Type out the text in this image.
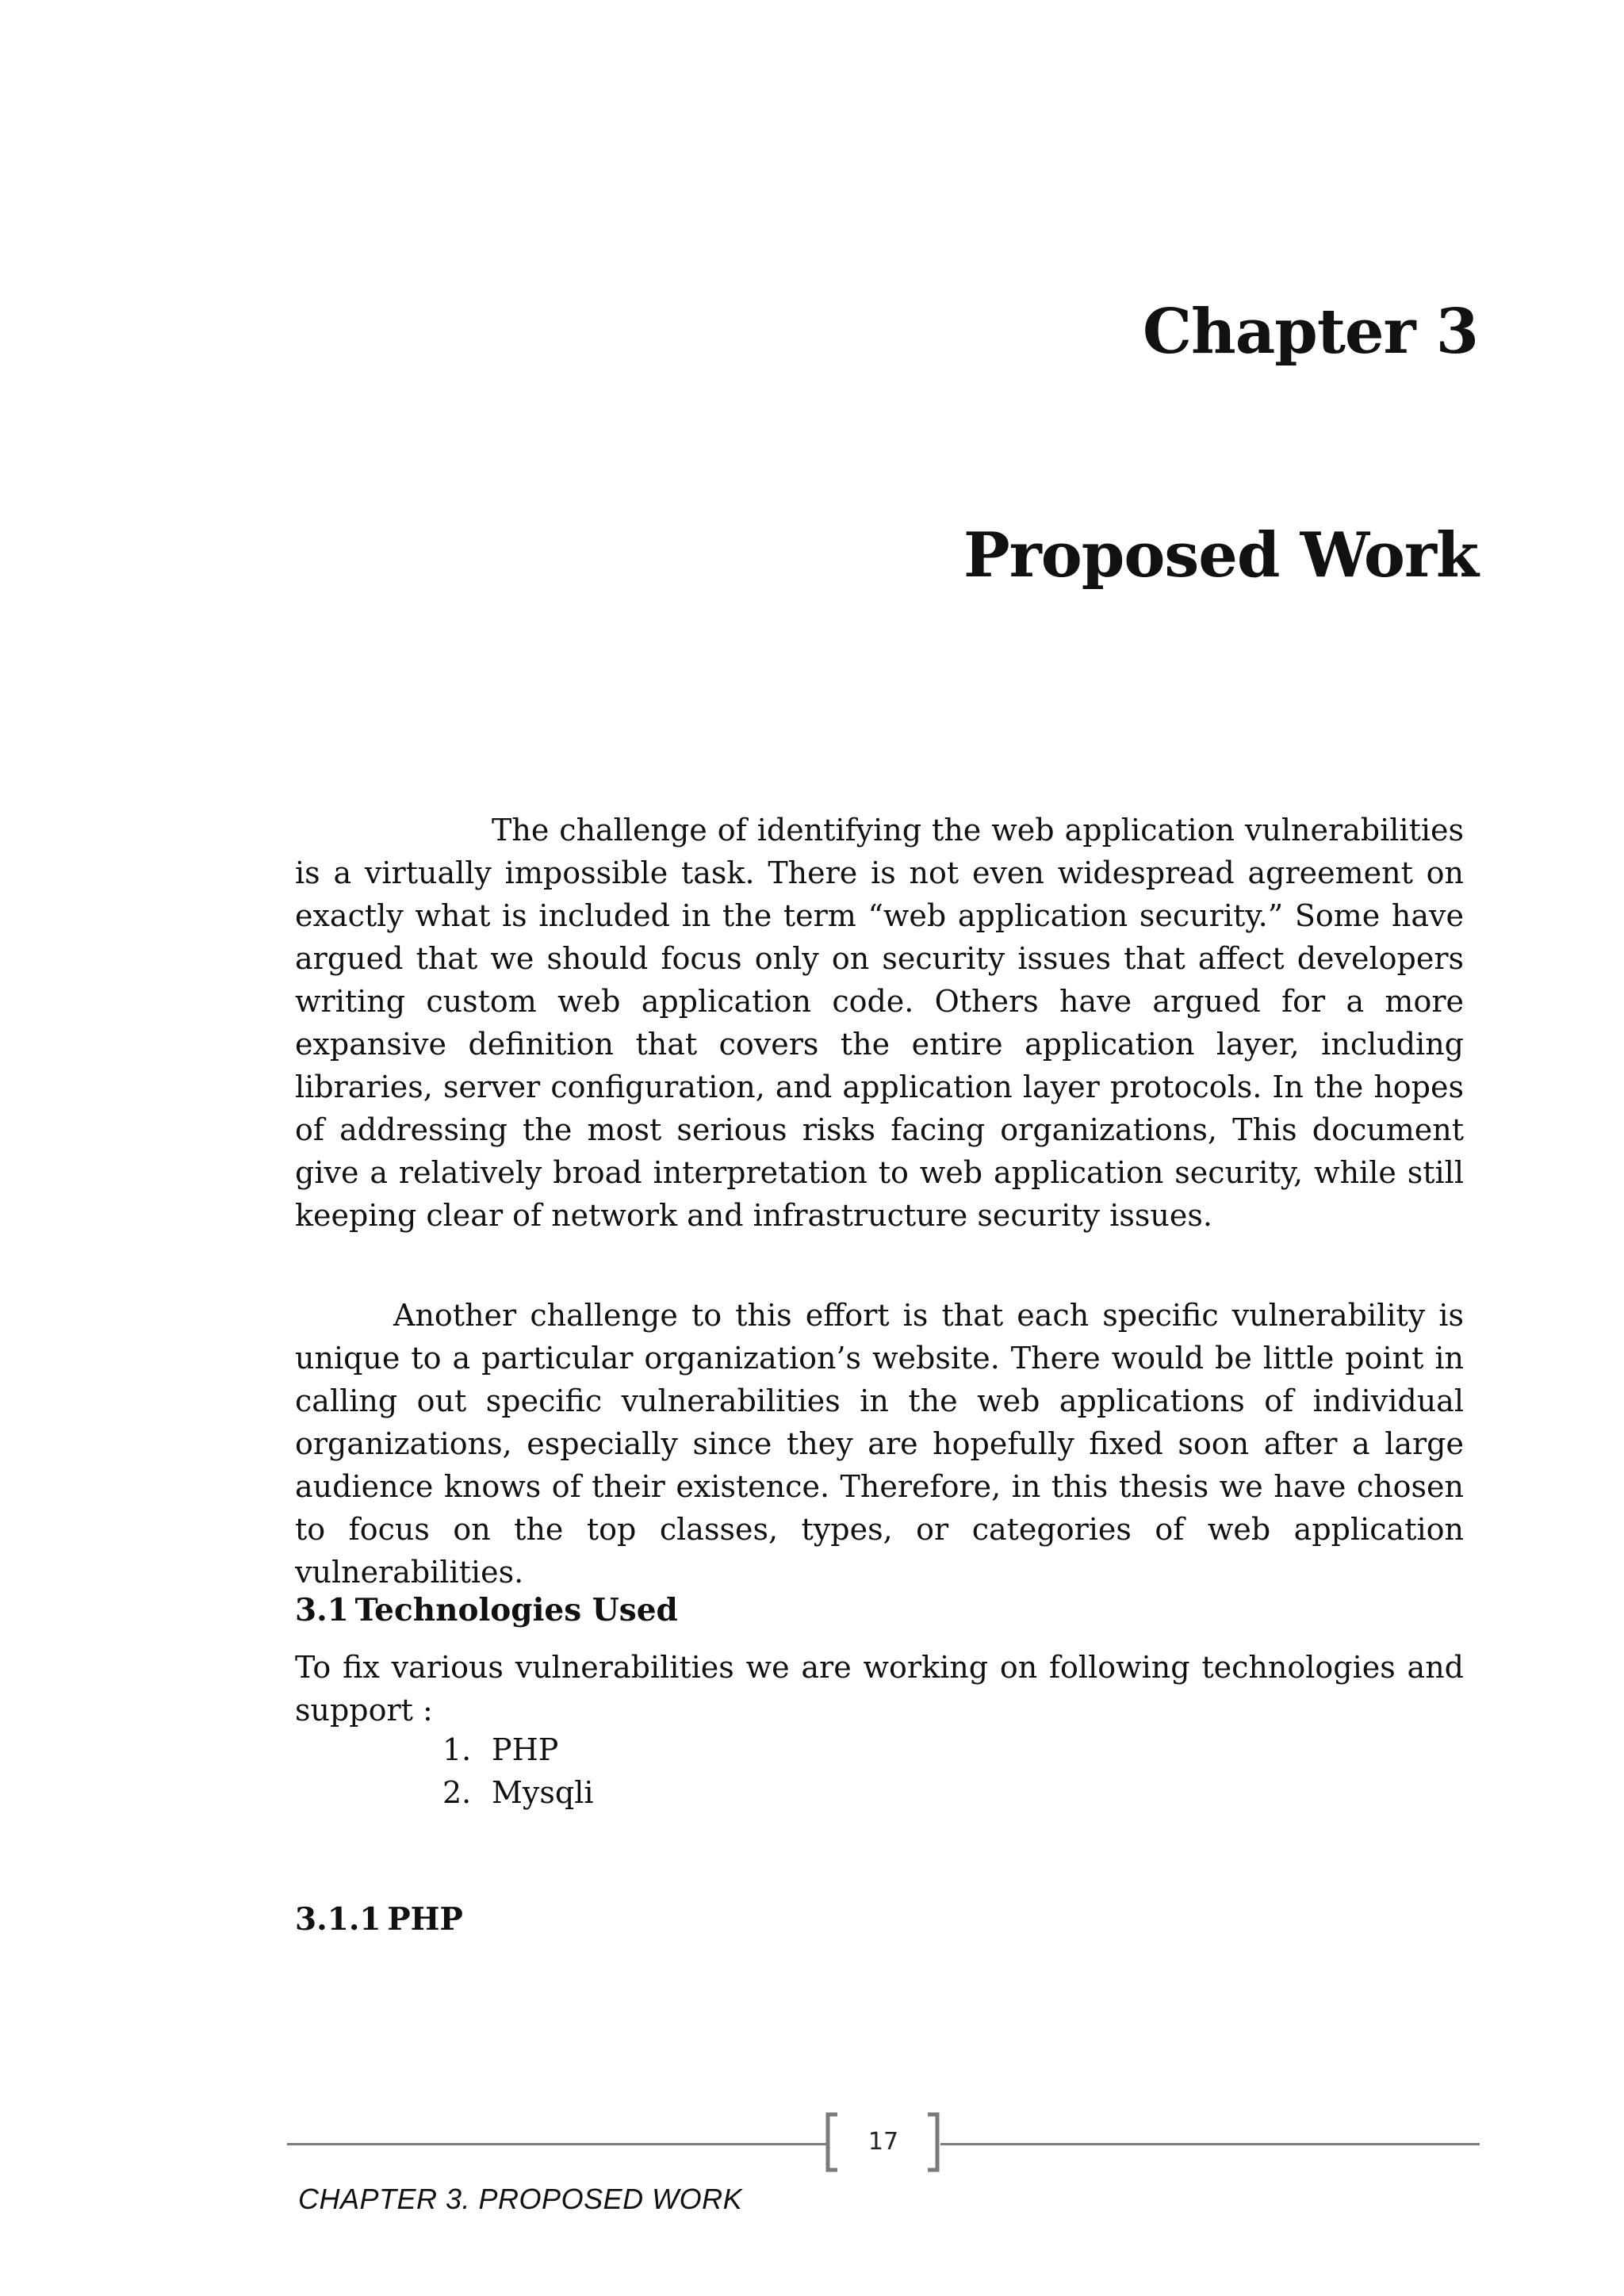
Chapter 3
Proposed Work

The challenge of identifying the web application vulnerabilities is a virtually impossible task. There is not even widespread agreement on exactly what is included in the term “web application security.” Some have argued that we should focus only on security issues that affect developers writing custom web application code. Others have argued for a more expansive definition that covers the entire application layer, including libraries, server configuration, and application layer protocols. In the hopes of addressing the most serious risks facing organizations, This document give a relatively broad interpretation to web application security, while still keeping clear of network and infrastructure security issues.

Another challenge to this effort is that each specific vulnerability is unique to a particular organization’s website. There would be little point in calling out specific vulnerabilities in the web applications of individual organizations, especially since they are hopefully fixed soon after a large audience knows of their existence. Therefore, in this thesis we have chosen to focus on the top classes, types, or categories of web application vulnerabilities.

3.1 Technologies Used

To fix various vulnerabilities we are working on following technologies and support :

1. PHP
2. Mysqli
3.1.1 PHP
17
CHAPTER 3. PROPOSED WORK
